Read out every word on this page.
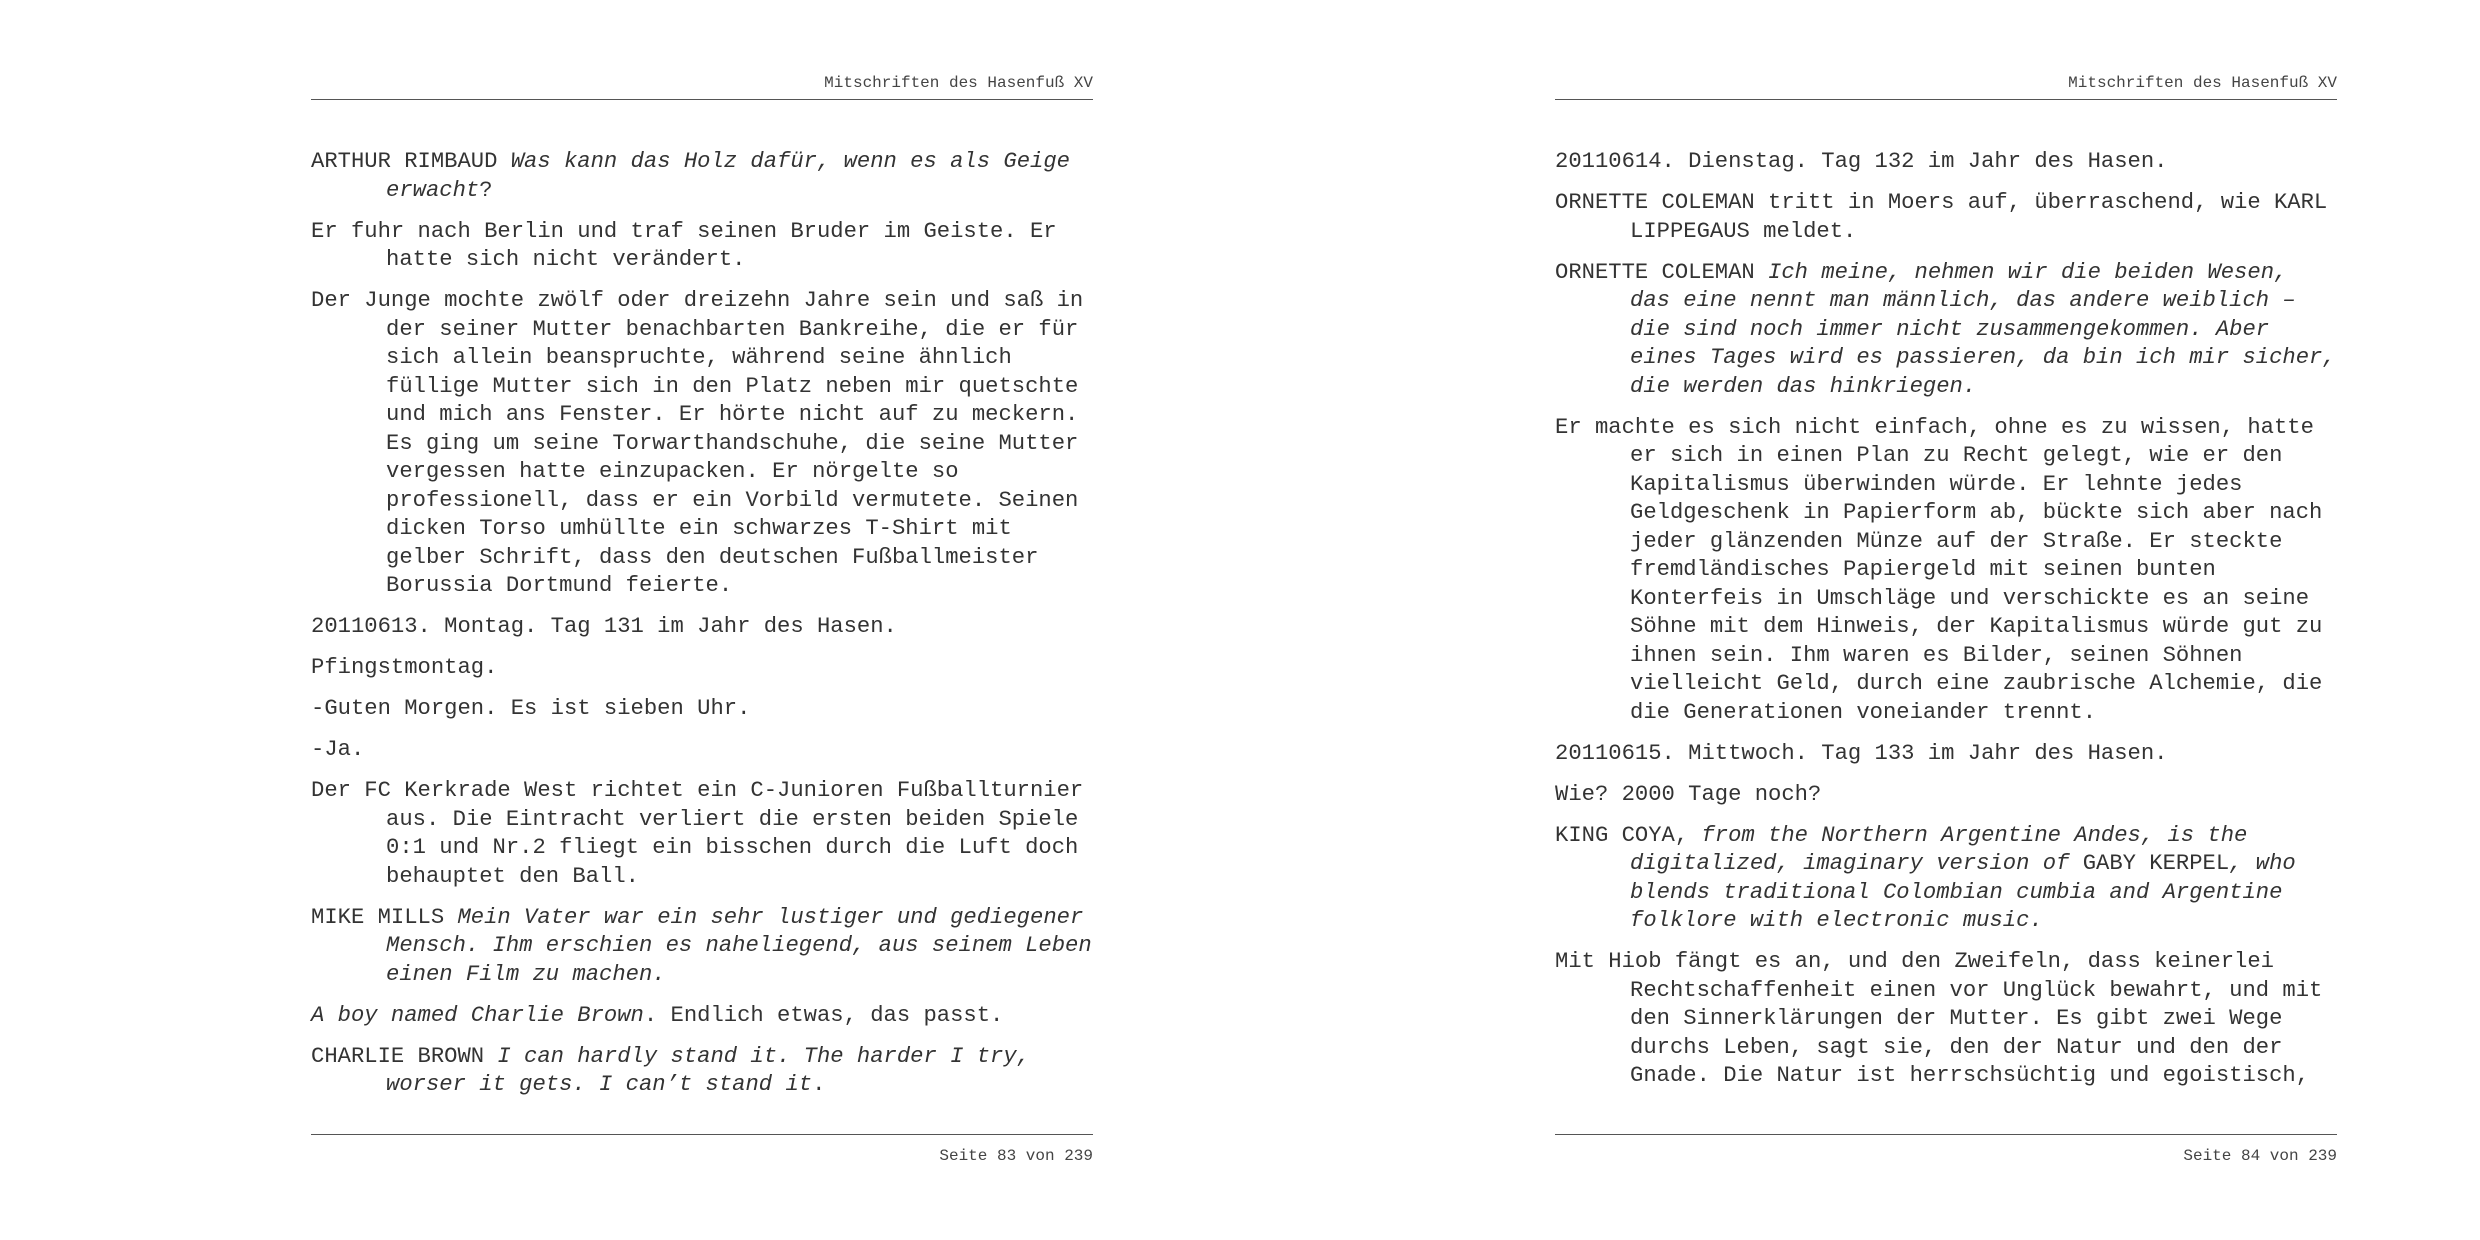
Mitschriften des Hasenfuß XV

ARTHUR RIMBAUD Was kann das Holz dafür, wenn es als Geige erwacht?

Er fuhr nach Berlin und traf seinen Bruder im Geiste. Er hatte sich nicht verändert.

Der Junge mochte zwölf oder dreizehn Jahre sein und saß in der seiner Mutter benachbarten Bankreihe, die er für sich allein beanspruchte, während seine ähnlich füllige Mutter sich in den Platz neben mir quetschte und mich ans Fenster. Er hörte nicht auf zu meckern. Es ging um seine Torwarthandschuhe, die seine Mutter vergessen hatte einzupacken. Er nörgelte so professionell, dass er ein Vorbild vermutete. Seinen dicken Torso umhüllte ein schwarzes T-Shirt mit gelber Schrift, dass den deutschen Fußballmeister Borussia Dortmund feierte.

20110613. Montag. Tag 131 im Jahr des Hasen.

Pfingstmontag.

-Guten Morgen. Es ist sieben Uhr.

-Ja.

Der FC Kerkrade West richtet ein C-Junioren Fußballturnier aus. Die Eintracht verliert die ersten beiden Spiele 0:1 und Nr.2 fliegt ein bisschen durch die Luft doch behauptet den Ball.

MIKE MILLS Mein Vater war ein sehr lustiger und gediegener Mensch. Ihm erschien es naheliegend, aus seinem Leben einen Film zu machen.

A boy named Charlie Brown. Endlich etwas, das passt.

CHARLIE BROWN I can hardly stand it. The harder I try, worser it gets. I can’t stand it.

Seite 83 von 239
Mitschriften des Hasenfuß XV

20110614. Dienstag. Tag 132 im Jahr des Hasen.

ORNETTE COLEMAN tritt in Moers auf, überraschend, wie KARL LIPPEGAUS meldet.

ORNETTE COLEMAN Ich meine, nehmen wir die beiden Wesen, das eine nennt man männlich, das andere weiblich – die sind noch immer nicht zusammengekommen. Aber eines Tages wird es passieren, da bin ich mir sicher, die werden das hinkriegen.

Er machte es sich nicht einfach, ohne es zu wissen, hatte er sich in einen Plan zu Recht gelegt, wie er den Kapitalismus überwinden würde. Er lehnte jedes Geldgeschenk in Papierform ab, bückte sich aber nach jeder glänzenden Münze auf der Straße. Er steckte fremdländisches Papiergeld mit seinen bunten Konterfeis in Umschläge und verschickte es an seine Söhne mit dem Hinweis, der Kapitalismus würde gut zu ihnen sein. Ihm waren es Bilder, seinen Söhnen vielleicht Geld, durch eine zaubrische Alchemie, die die Generationen voneiander trennt.

20110615. Mittwoch. Tag 133 im Jahr des Hasen.

Wie? 2000 Tage noch?

KING COYA, from the Northern Argentine Andes, is the digitalized, imaginary version of GABY KERPEL, who blends traditional Colombian cumbia and Argentine folklore with electronic music.

Mit Hiob fängt es an, und den Zweifeln, dass keinerlei Rechtschaffenheit einen vor Unglück bewahrt, und mit den Sinnerklärungen der Mutter. Es gibt zwei Wege durchs Leben, sagt sie, den der Natur und den der Gnade. Die Natur ist herrschsüchtig und egoistisch,

Seite 84 von 239
